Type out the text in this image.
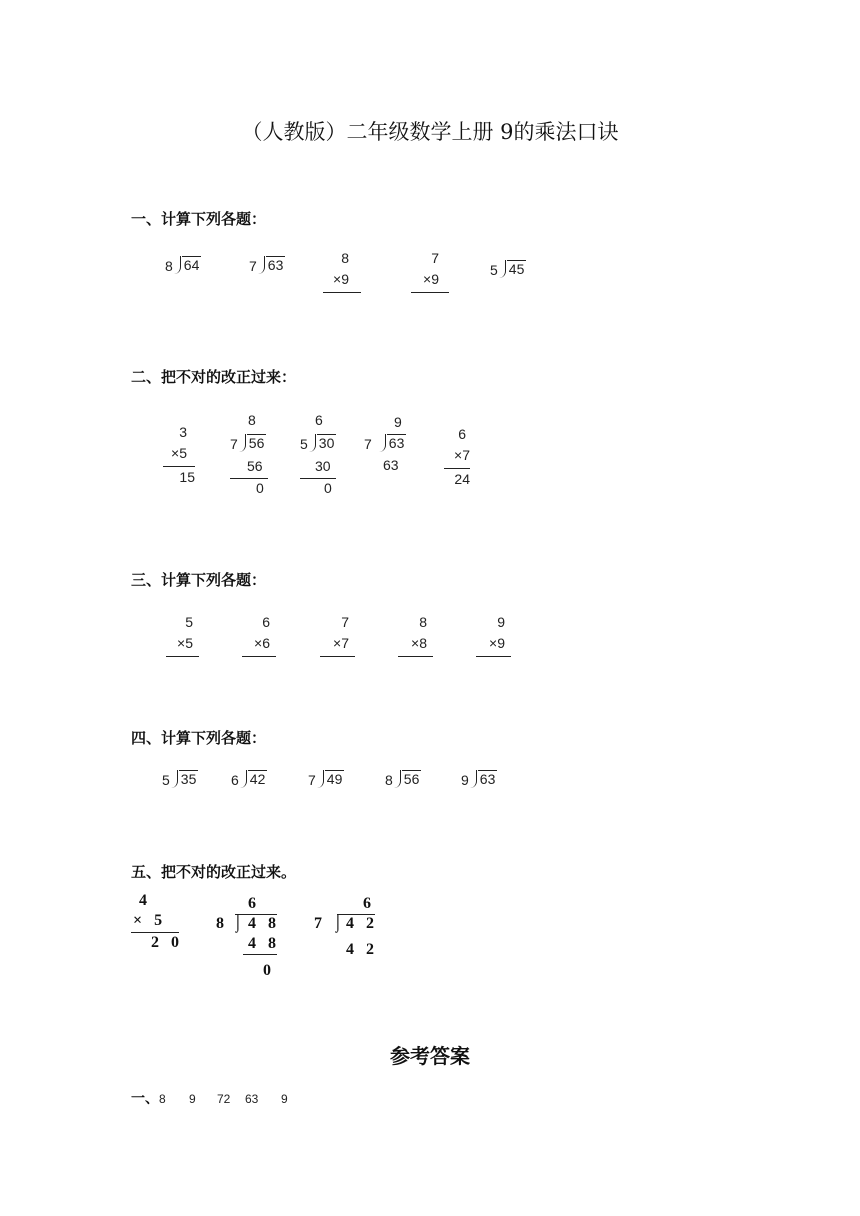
（人教版）二年级数学上册 9的乘法口诀
一、计算下列各题：
8 64	7 63	8
×9
7
×9
5 45
二、把不对的改正过来：
3
×5
15
8
7 56
56
0
6
5 30
30
0
9
7 63
63
6
×7
24
三、计算下列各题：
5
×5
6
×6
7
×7
8
×8
9
×9
四、计算下列各题：
5 35 6 42	7 49	8 56	9 63
五、把不对的改正过来。
4
× 5
2 0
6
8 ⌡ 4 8
4 8
0
6
7 ⌡ 4 2
4 2
参考答案
一、8 9 72 63 9
